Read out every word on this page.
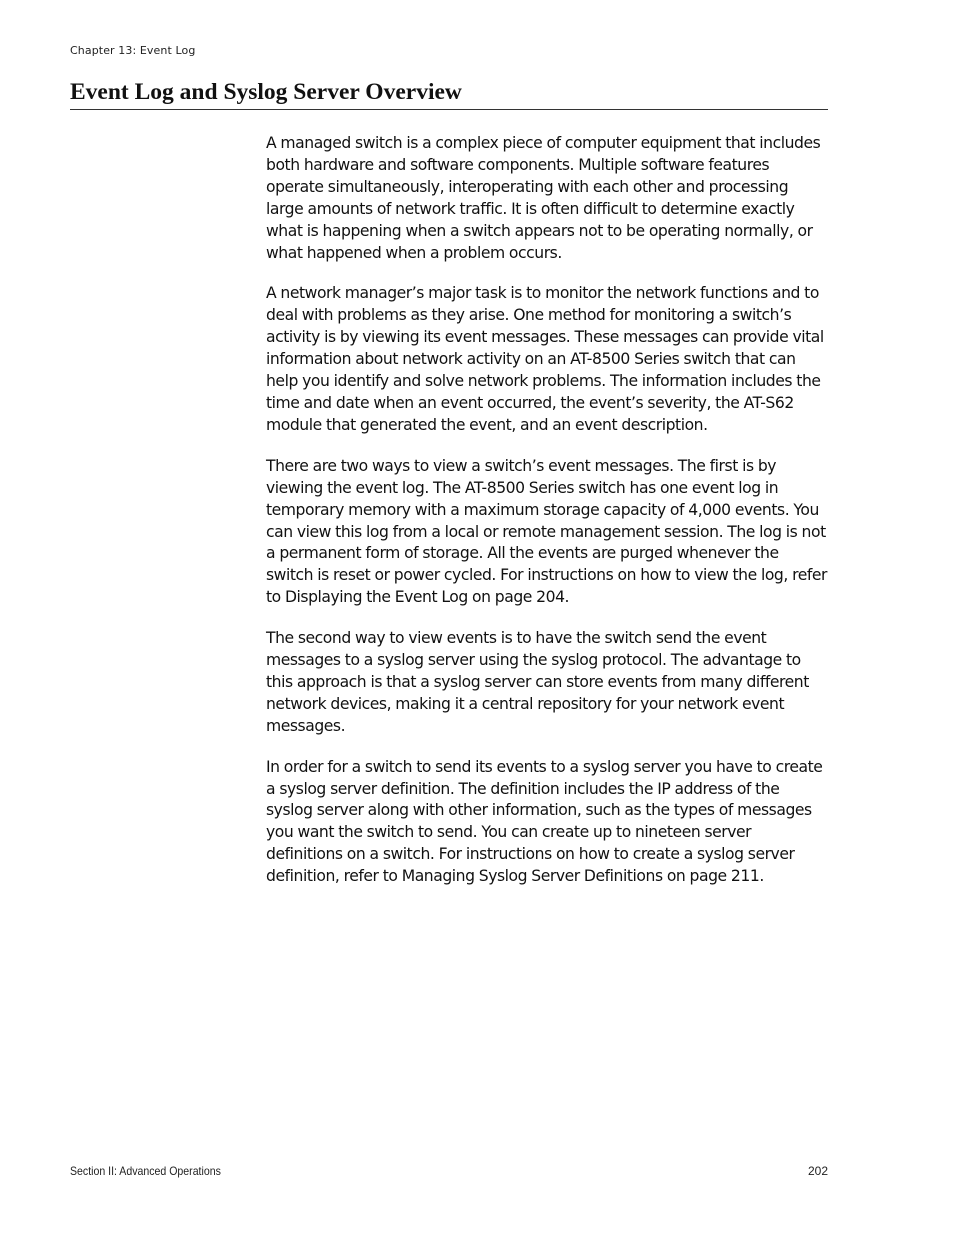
Chapter 13: Event Log
Event Log and Syslog Server Overview

A managed switch is a complex piece of computer equipment that includes both hardware and software components. Multiple software features operate simultaneously, interoperating with each other and processing large amounts of network traffic. It is often difficult to determine exactly what is happening when a switch appears not to be operating normally, or what happened when a problem occurs.

A network manager’s major task is to monitor the network functions and to deal with problems as they arise. One method for monitoring a switch’s activity is by viewing its event messages. These messages can provide vital information about network activity on an AT-8500 Series switch that can help you identify and solve network problems. The information includes the time and date when an event occurred, the event’s severity, the AT-S62 module that generated the event, and an event description.

There are two ways to view a switch’s event messages. The first is by viewing the event log. The AT-8500 Series switch has one event log in temporary memory with a maximum storage capacity of 4,000 events. You can view this log from a local or remote management session. The log is not a permanent form of storage. All the events are purged whenever the switch is reset or power cycled. For instructions on how to view the log, refer to Displaying the Event Log on page 204.

The second way to view events is to have the switch send the event messages to a syslog server using the syslog protocol. The advantage to this approach is that a syslog server can store events from many different network devices, making it a central repository for your network event messages.

In order for a switch to send its events to a syslog server you have to create a syslog server definition. The definition includes the IP address of the syslog server along with other information, such as the types of messages you want the switch to send. You can create up to nineteen server definitions on a switch. For instructions on how to create a syslog server definition, refer to Managing Syslog Server Definitions on page 211.

Section II: Advanced Operations	202
